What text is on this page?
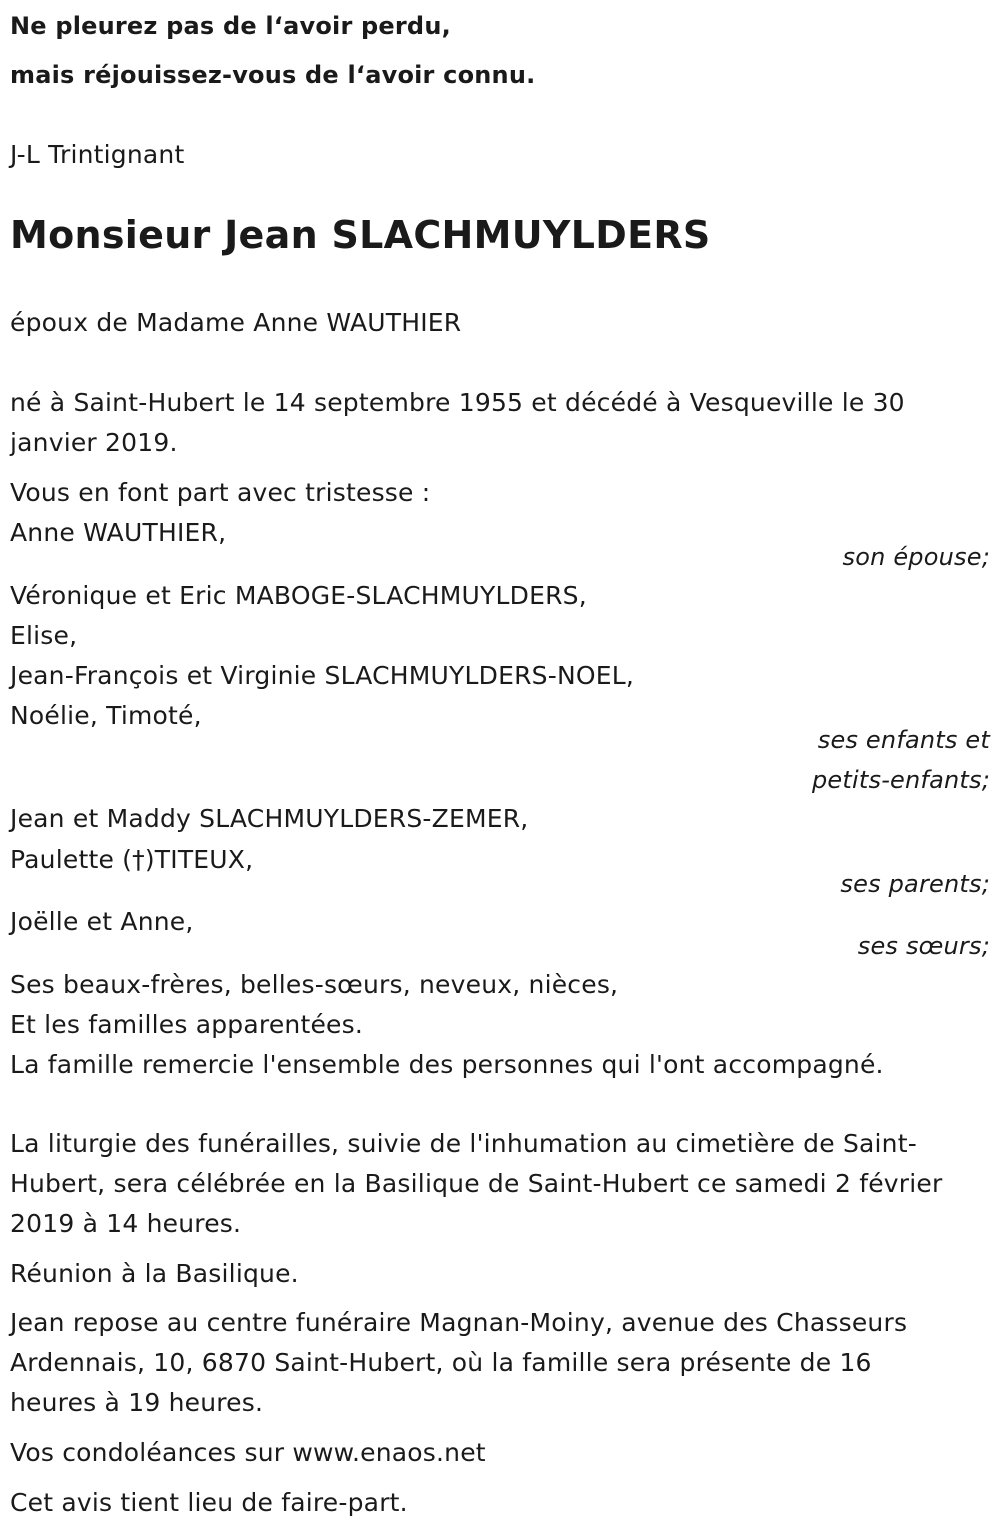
Ne pleurez pas de l‘avoir perdu,

mais réjouissez-vous de l‘avoir connu.

J-L Trintignant

Monsieur Jean SLACHMUYLDERS

époux de Madame Anne WAUTHIER

né à Saint-Hubert le 14 septembre 1955 et décédé à Vesqueville le 30

janvier 2019.

Vous en font part avec tristesse :

Anne WAUTHIER,

son épouse;

Véronique et Eric MABOGE-SLACHMUYLDERS,

Elise,

Jean-François et Virginie SLACHMUYLDERS-NOEL,

Noélie, Timoté,

ses enfants et

petits-enfants;

Jean et Maddy SLACHMUYLDERS-ZEMER,

Paulette (†)TITEUX,

ses parents;

Joëlle et Anne,

ses sœurs;

Ses beaux-frères, belles-sœurs, neveux, nièces,

Et les familles apparentées.

La famille remercie l'ensemble des personnes qui l'ont accompagné.

La liturgie des funérailles, suivie de l'inhumation au cimetière de Saint-

Hubert, sera célébrée en la Basilique de Saint-Hubert ce samedi 2 février

2019 à 14 heures.

Réunion à la Basilique.

Jean repose au centre funéraire Magnan-Moiny, avenue des Chasseurs

Ardennais, 10, 6870 Saint-Hubert, où la famille sera présente de 16

heures à 19 heures.

Vos condoléances sur www.enaos.net

Cet avis tient lieu de faire-part.
